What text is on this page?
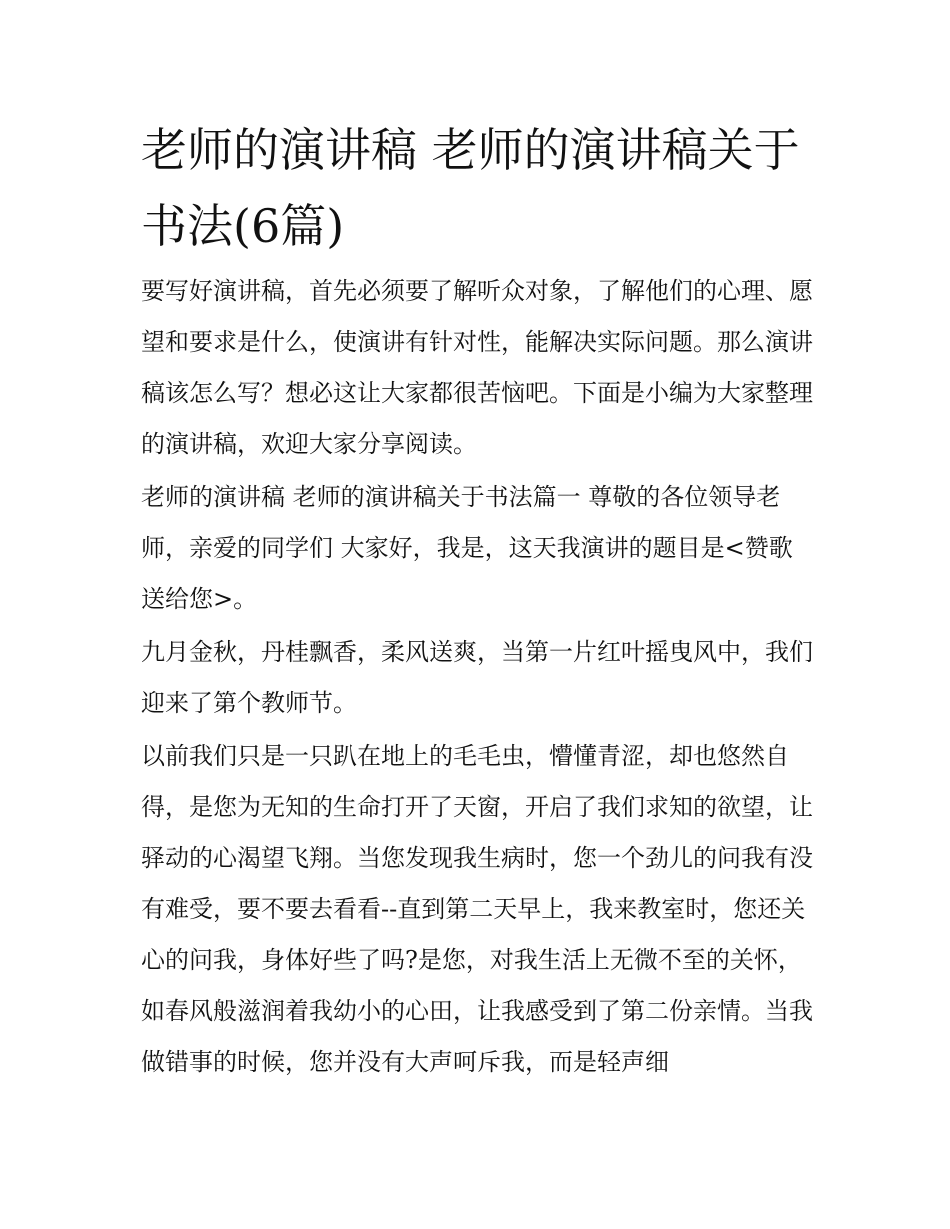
老师的演讲稿 老师的演讲稿关于书法(6篇)

要写好演讲稿，首先必须要了解听众对象，了解他们的心理、愿望和要求是什么，使演讲有针对性，能解决实际问题。那么演讲稿该怎么写？想必这让大家都很苦恼吧。下面是小编为大家整理的演讲稿，欢迎大家分享阅读。

老师的演讲稿 老师的演讲稿关于书法篇一 尊敬的各位领导老师，亲爱的同学们 大家好，我是，这天我演讲的题目是<赞歌送给您>。

九月金秋，丹桂飘香，柔风送爽，当第一片红叶摇曳风中，我们迎来了第个教师节。

以前我们只是一只趴在地上的毛毛虫，懵懂青涩，却也悠然自得，是您为无知的生命打开了天窗，开启了我们求知的欲望，让驿动的心渴望飞翔。当您发现我生病时，您一个劲儿的问我有没有难受，要不要去看看--直到第二天早上，我来教室时，您还关心的问我，身体好些了吗?是您，对我生活上无微不至的关怀，如春风般滋润着我幼小的心田，让我感受到了第二份亲情。当我做错事的时候，您并没有大声呵斥我，而是轻声细
